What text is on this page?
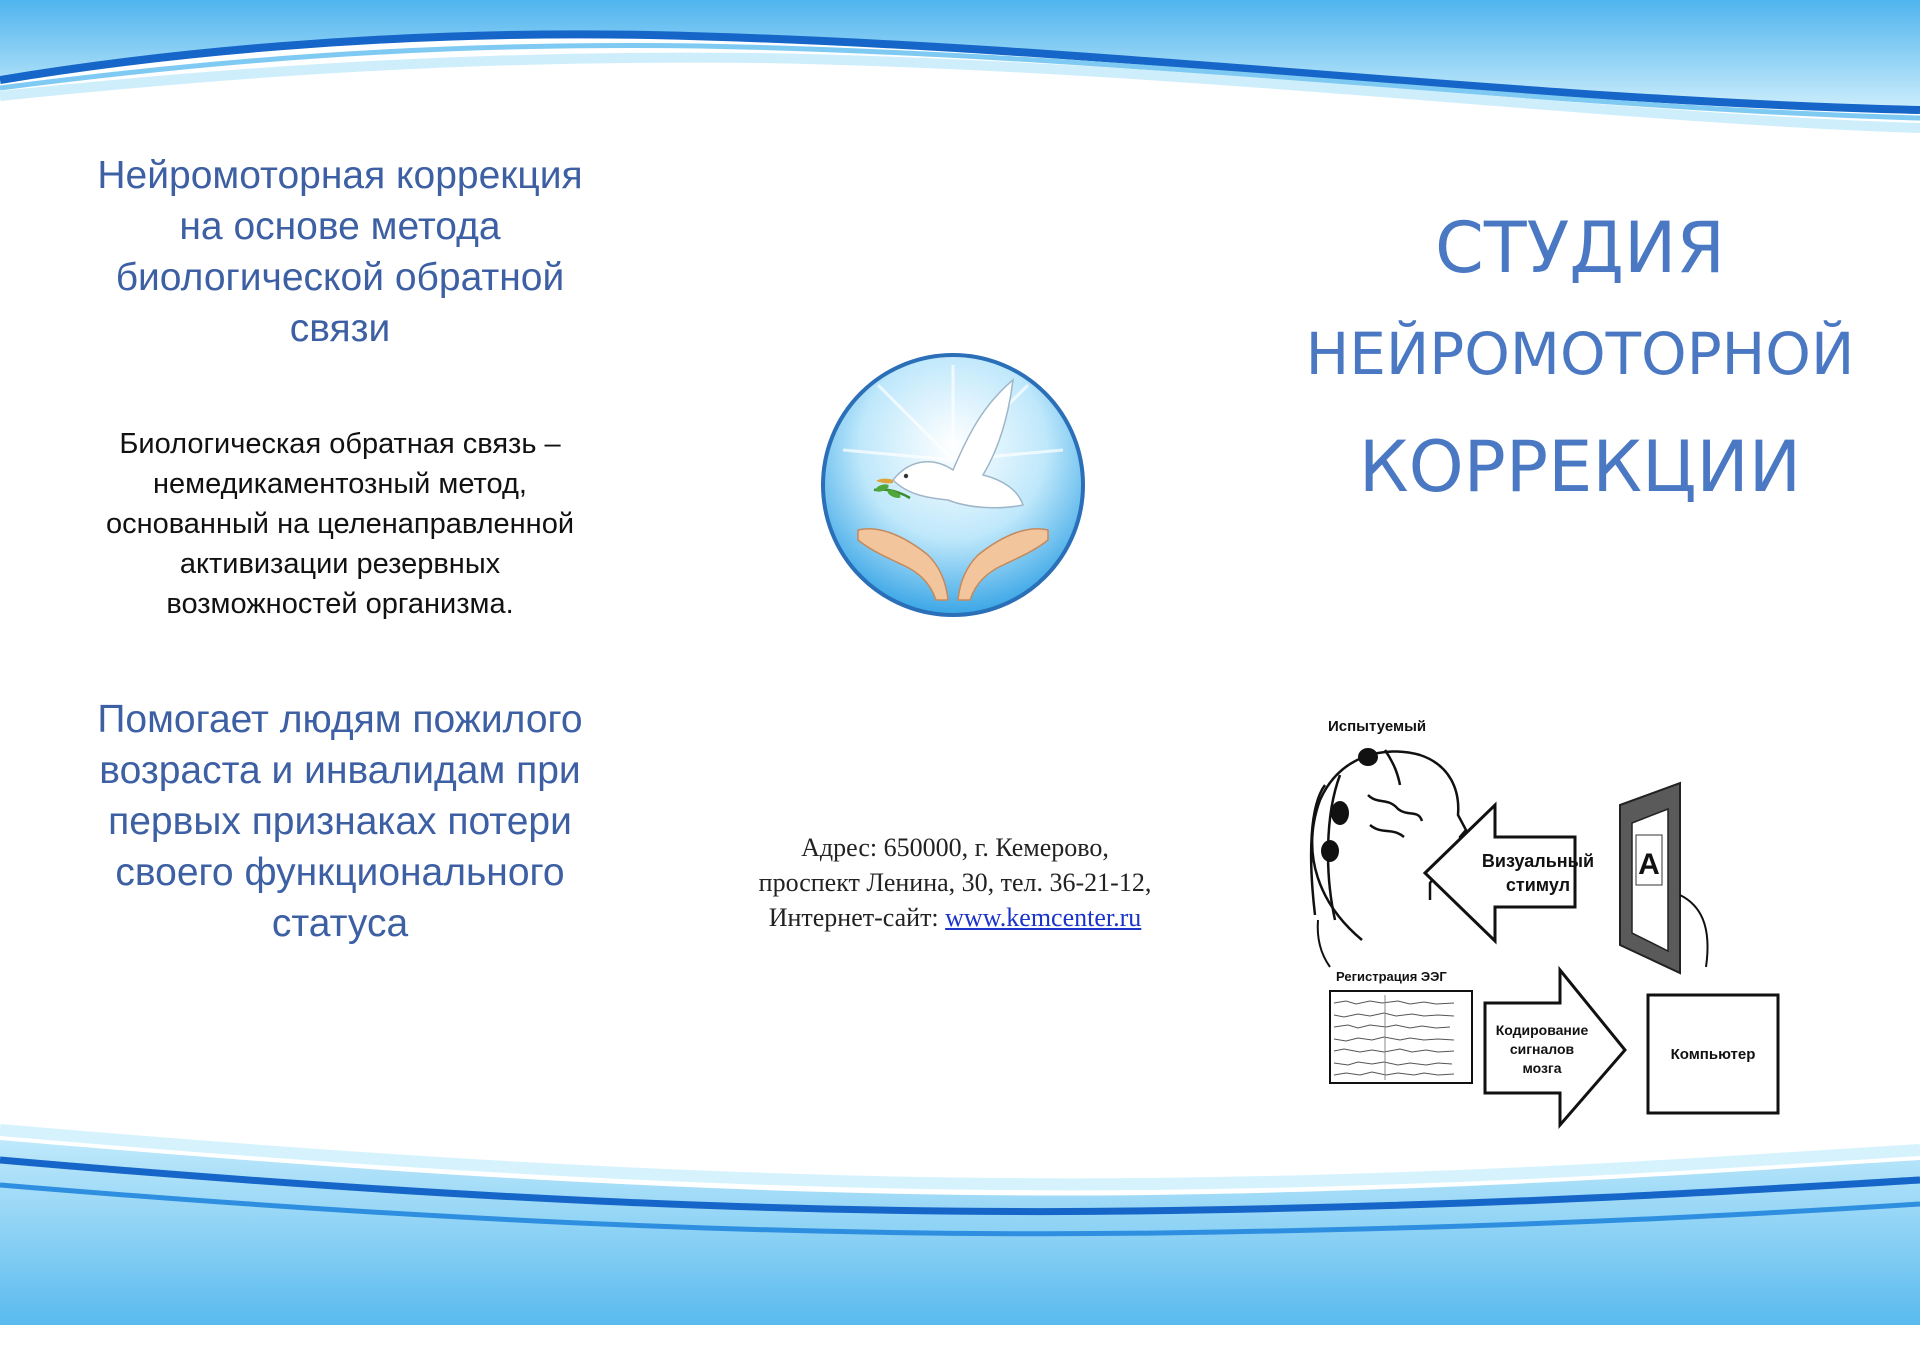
Нейромоторная коррекция
на основе метода
биологической обратной
связи
Биологическая обратная связь –
немедикаментозный метод,
основанный на целенаправленной
активизации резервных
возможностей организма.
Помогает людям пожилого
возраста и инвалидам при
первых признаках потери
своего функционального
статуса
Адрес: 650000, г. Кемерово,
проспект Ленина, 30, тел. 36-21-12,
Интернет-сайт: www.kemcenter.ru
СТУДИЯ
НЕЙРОМОТОРНОЙ
КОРРЕКЦИИ
Испытуемый
Визуальный
стимул
А
Регистрация ЭЭГ
Кодирование
сигналов
мозга
Компьютер
